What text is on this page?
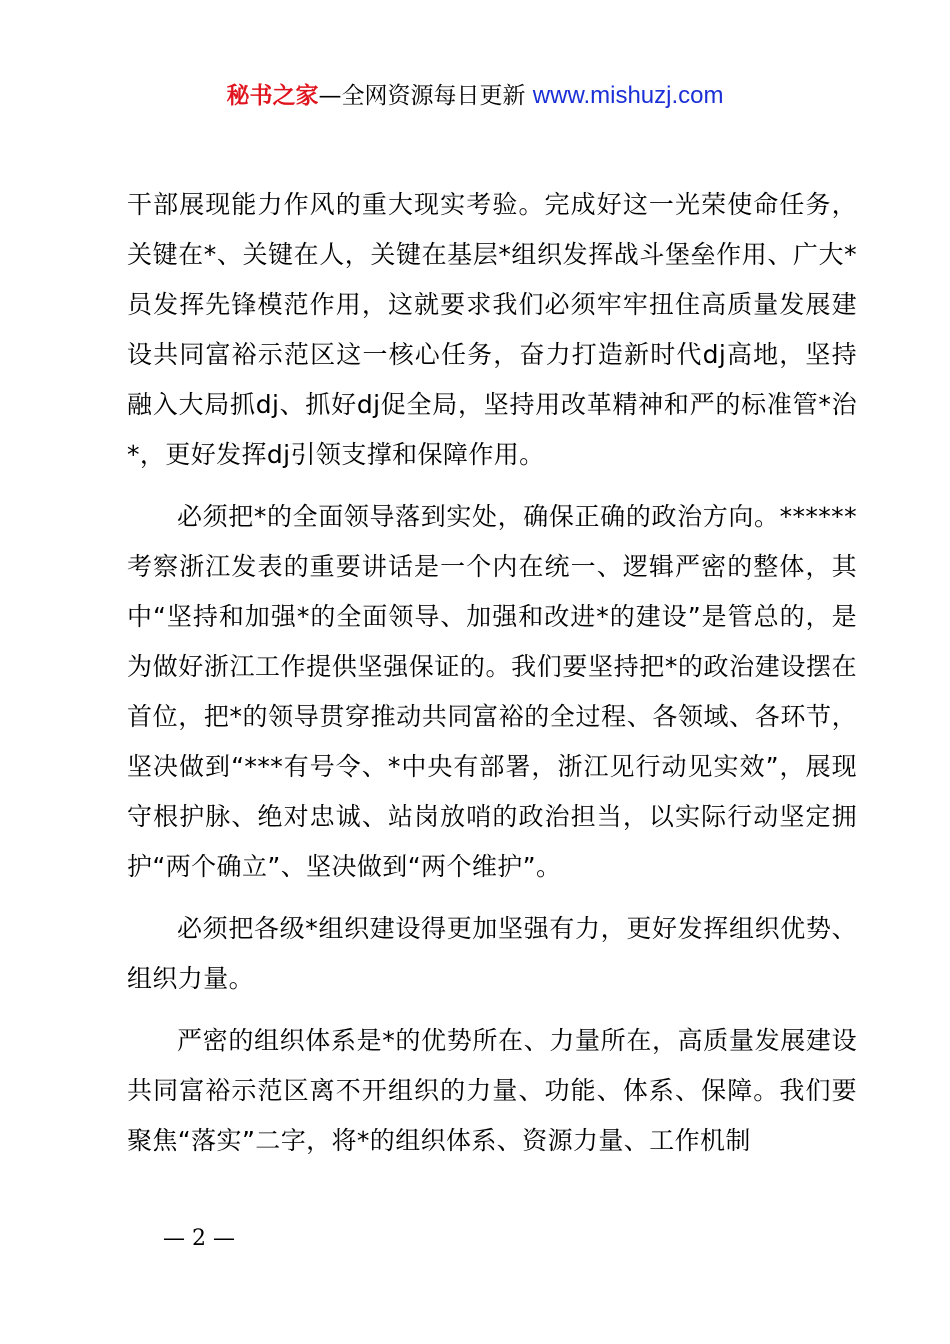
秘书之家—全网资源每日更新 www.mishuzj.com

干部展现能力作风的重大现实考验。完成好这一光荣使命任务，关键在*、关键在人，关键在基层*组织发挥战斗堡垒作用、广大*员发挥先锋模范作用，这就要求我们必须牢牢扭住高质量发展建设共同富裕示范区这一核心任务，奋力打造新时代dj高地，坚持融入大局抓dj、抓好dj促全局，坚持用改革精神和严的标准管*治*，更好发挥dj引领支撑和保障作用。

必须把*的全面领导落到实处，确保正确的政治方向。******考察浙江发表的重要讲话是一个内在统一、逻辑严密的整体，其中“坚持和加强*的全面领导、加强和改进*的建设”是管总的，是为做好浙江工作提供坚强保证的。我们要坚持把*的政治建设摆在首位，把*的领导贯穿推动共同富裕的全过程、各领域、各环节，坚决做到“***有号令、*中央有部署，浙江见行动见实效”，展现守根护脉、绝对忠诚、站岗放哨的政治担当，以实际行动坚定拥护“两个确立”、坚决做到“两个维护”。

必须把各级*组织建设得更加坚强有力，更好发挥组织优势、组织力量。

严密的组织体系是*的优势所在、力量所在，高质量发展建设共同富裕示范区离不开组织的力量、功能、体系、保障。我们要聚焦“落实”二字，将*的组织体系、资源力量、工作机制

— 2 —
